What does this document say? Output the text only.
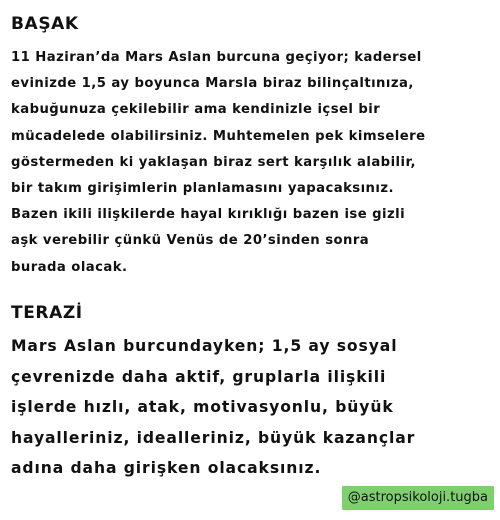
BAŞAK
11 Haziran’da Mars Aslan burcuna geçiyor; kadersel
evinizde 1,5 ay boyunca Marsla biraz bilinçaltınıza,
kabuğunuza çekilebilir ama kendinizle içsel bir
mücadelede olabilirsiniz. Muhtemelen pek kimselere
göstermeden ki yaklaşan biraz sert karşılık alabilir,
bir takım girişimlerin planlamasını yapacaksınız.
Bazen ikili ilişkilerde hayal kırıklığı bazen ise gizli
aşk verebilir çünkü Venüs de 20’sinden sonra
burada olacak.
TERAZİ
Mars Aslan burcundayken; 1,5 ay sosyal
çevrenizde daha aktif, gruplarla ilişkili
işlerde hızlı, atak, motivasyonlu, büyük
hayalleriniz, idealleriniz, büyük kazançlar
adına daha girişken olacaksınız.
@astropsikoloji.tugba
